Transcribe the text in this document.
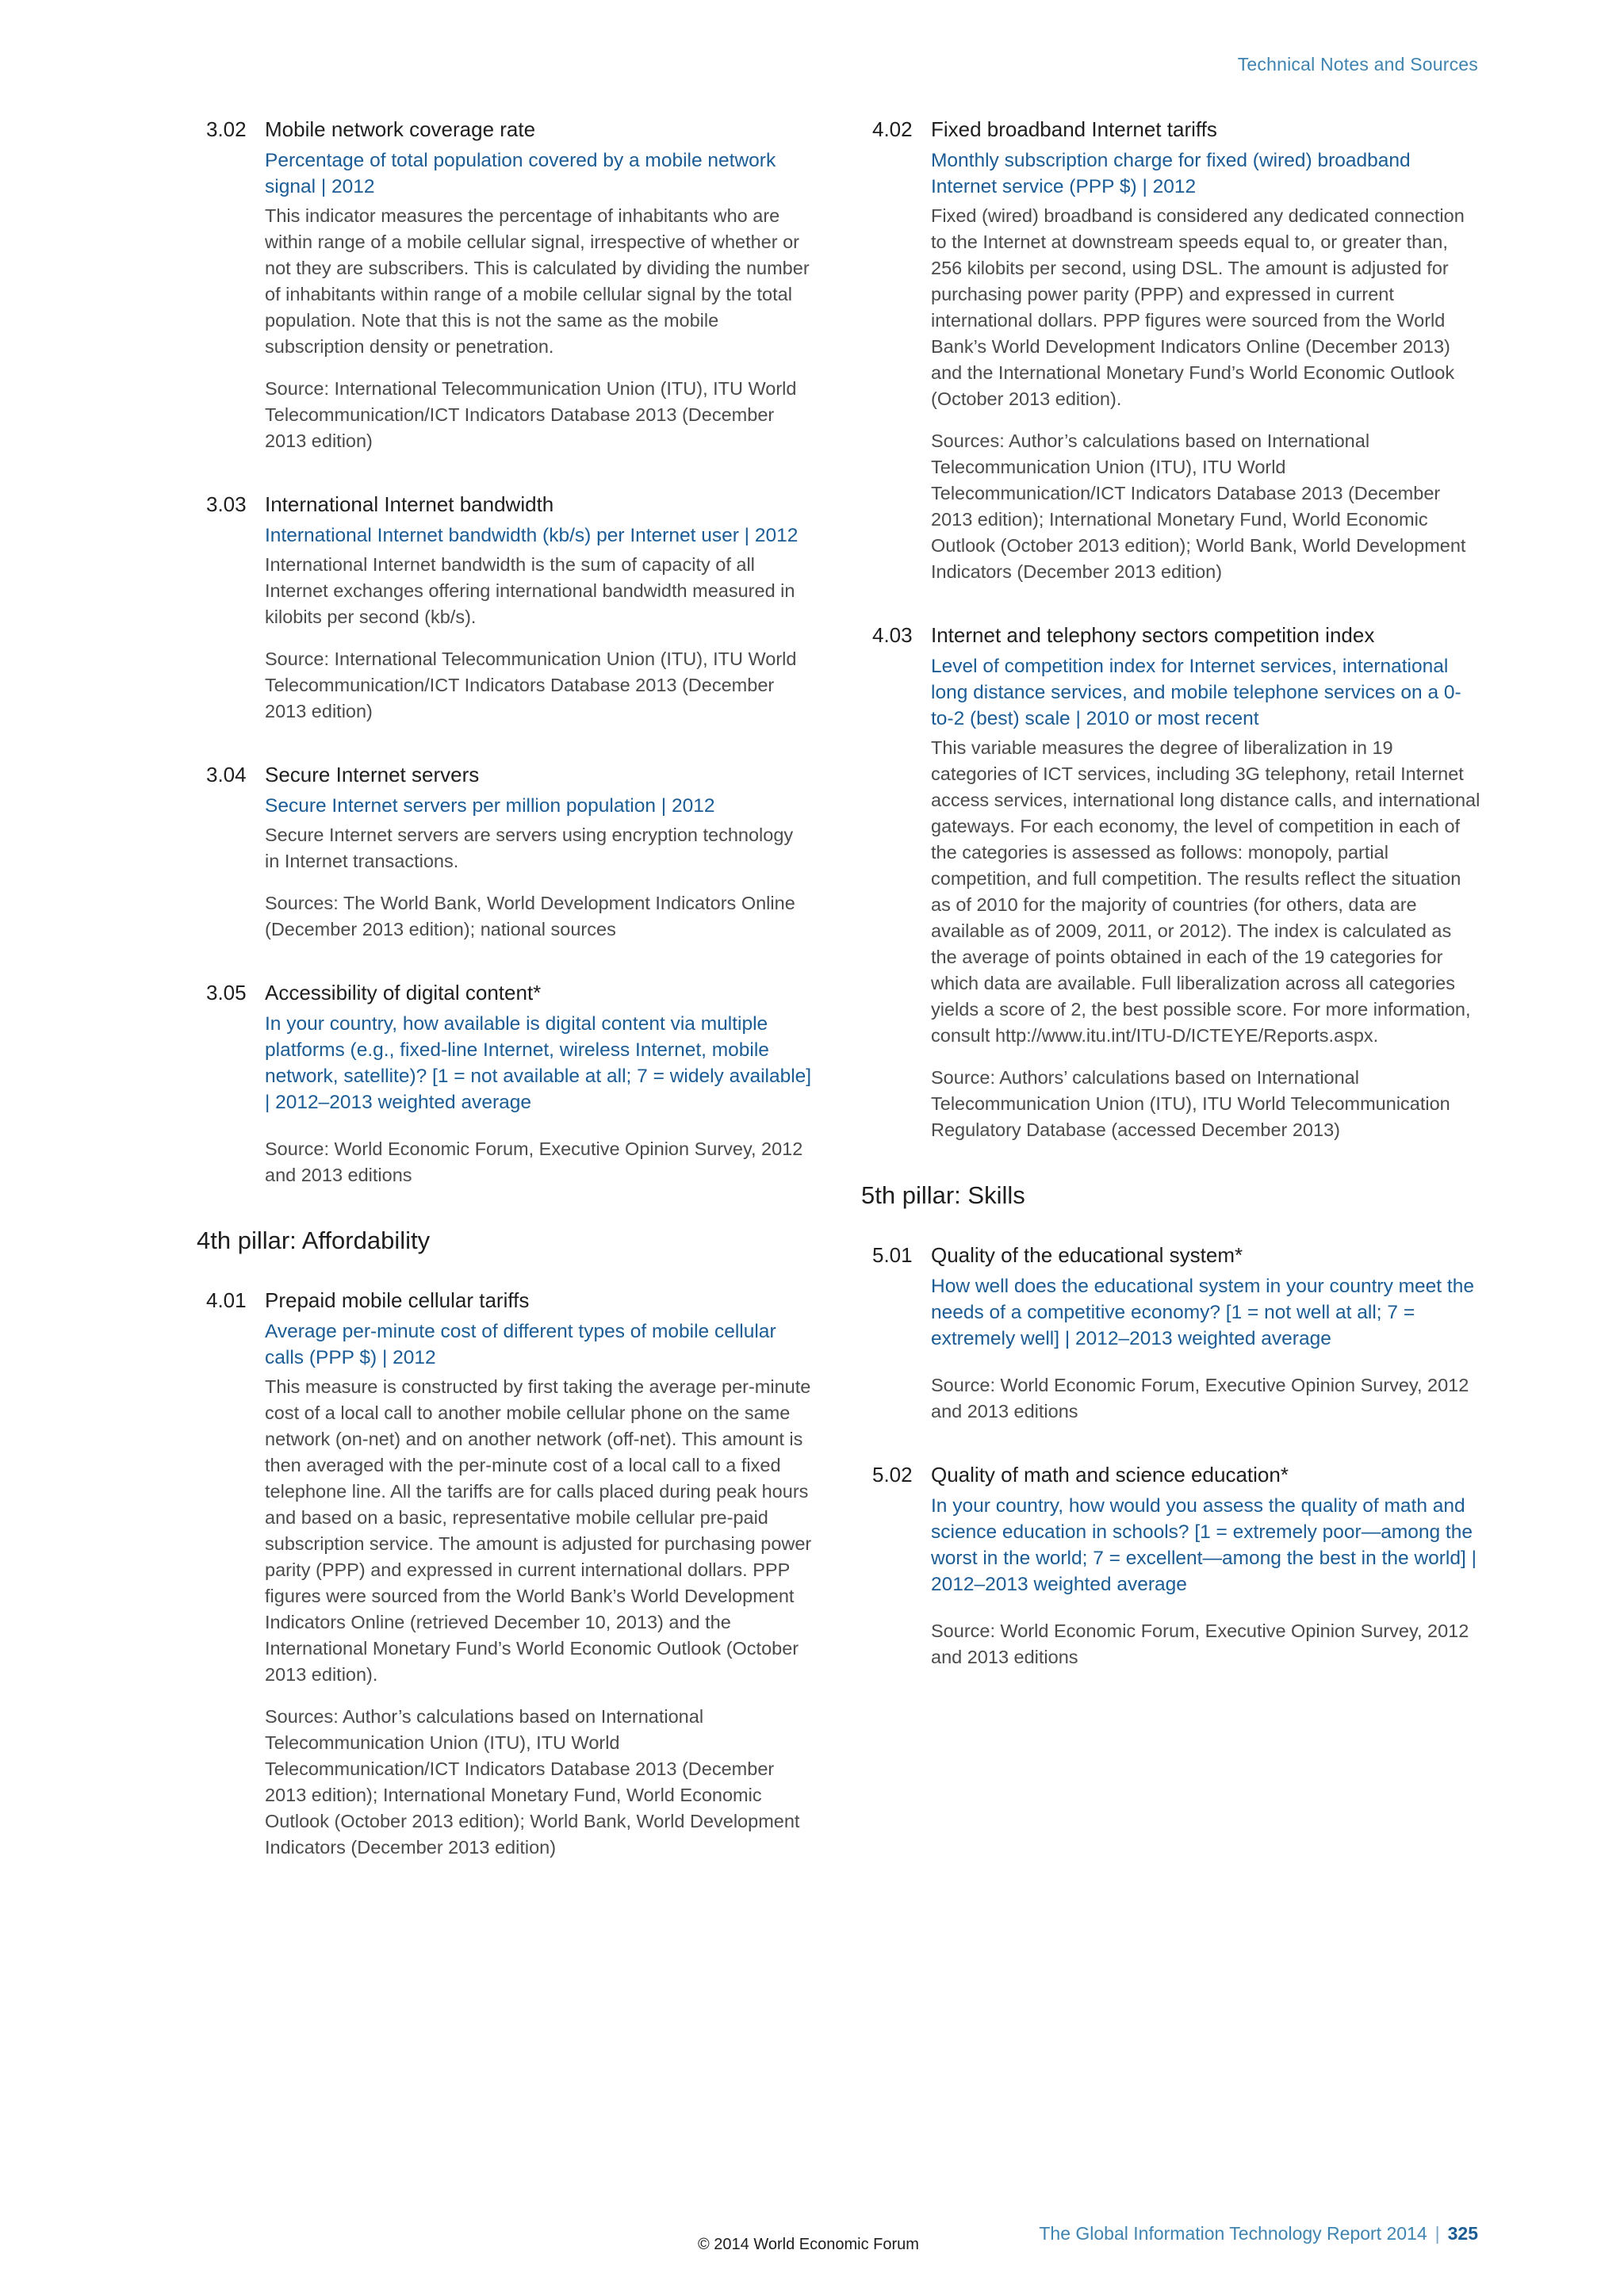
Technical Notes and Sources
3.02 Mobile network coverage rate
Percentage of total population covered by a mobile network signal | 2012
This indicator measures the percentage of inhabitants who are within range of a mobile cellular signal, irrespective of whether or not they are subscribers. This is calculated by dividing the number of inhabitants within range of a mobile cellular signal by the total population. Note that this is not the same as the mobile subscription density or penetration.
Source: International Telecommunication Union (ITU), ITU World Telecommunication/ICT Indicators Database 2013 (December 2013 edition)
3.03 International Internet bandwidth
International Internet bandwidth (kb/s) per Internet user | 2012
International Internet bandwidth is the sum of capacity of all Internet exchanges offering international bandwidth measured in kilobits per second (kb/s).
Source: International Telecommunication Union (ITU), ITU World Telecommunication/ICT Indicators Database 2013 (December 2013 edition)
3.04 Secure Internet servers
Secure Internet servers per million population | 2012
Secure Internet servers are servers using encryption technology in Internet transactions.
Sources: The World Bank, World Development Indicators Online (December 2013 edition); national sources
3.05 Accessibility of digital content*
In your country, how available is digital content via multiple platforms (e.g., fixed-line Internet, wireless Internet, mobile network, satellite)? [1 = not available at all; 7 = widely available] | 2012–2013 weighted average
Source: World Economic Forum, Executive Opinion Survey, 2012 and 2013 editions
4th pillar: Affordability
4.01 Prepaid mobile cellular tariffs
Average per-minute cost of different types of mobile cellular calls (PPP $) | 2012
This measure is constructed by first taking the average per-minute cost of a local call to another mobile cellular phone on the same network (on-net) and on another network (off-net). This amount is then averaged with the per-minute cost of a local call to a fixed telephone line. All the tariffs are for calls placed during peak hours and based on a basic, representative mobile cellular pre-paid subscription service. The amount is adjusted for purchasing power parity (PPP) and expressed in current international dollars. PPP figures were sourced from the World Bank’s World Development Indicators Online (retrieved December 10, 2013) and the International Monetary Fund’s World Economic Outlook (October 2013 edition).
Sources: Author’s calculations based on International Telecommunication Union (ITU), ITU World Telecommunication/ICT Indicators Database 2013 (December 2013 edition); International Monetary Fund, World Economic Outlook (October 2013 edition); World Bank, World Development Indicators (December 2013 edition)
4.02 Fixed broadband Internet tariffs
Monthly subscription charge for fixed (wired) broadband Internet service (PPP $) | 2012
Fixed (wired) broadband is considered any dedicated connection to the Internet at downstream speeds equal to, or greater than, 256 kilobits per second, using DSL. The amount is adjusted for purchasing power parity (PPP) and expressed in current international dollars. PPP figures were sourced from the World Bank’s World Development Indicators Online (December 2013) and the International Monetary Fund’s World Economic Outlook (October 2013 edition).
Sources: Author’s calculations based on International Telecommunication Union (ITU), ITU World Telecommunication/ICT Indicators Database 2013 (December 2013 edition); International Monetary Fund, World Economic Outlook (October 2013 edition); World Bank, World Development Indicators (December 2013 edition)
4.03 Internet and telephony sectors competition index
Level of competition index for Internet services, international long distance services, and mobile telephone services on a 0-to-2 (best) scale | 2010 or most recent
This variable measures the degree of liberalization in 19 categories of ICT services, including 3G telephony, retail Internet access services, international long distance calls, and international gateways. For each economy, the level of competition in each of the categories is assessed as follows: monopoly, partial competition, and full competition. The results reflect the situation as of 2010 for the majority of countries (for others, data are available as of 2009, 2011, or 2012). The index is calculated as the average of points obtained in each of the 19 categories for which data are available. Full liberalization across all categories yields a score of 2, the best possible score. For more information, consult http://www.itu.int/ITU-D/ICTEYE/Reports.aspx.
Source: Authors’ calculations based on International Telecommunication Union (ITU), ITU World Telecommunication Regulatory Database (accessed December 2013)
5th pillar: Skills
5.01 Quality of the educational system*
How well does the educational system in your country meet the needs of a competitive economy? [1 = not well at all; 7 = extremely well] | 2012–2013 weighted average
Source: World Economic Forum, Executive Opinion Survey, 2012 and 2013 editions
5.02 Quality of math and science education*
In your country, how would you assess the quality of math and science education in schools? [1 = extremely poor—among the worst in the world; 7 = excellent—among the best in the world] | 2012–2013 weighted average
Source: World Economic Forum, Executive Opinion Survey, 2012 and 2013 editions
The Global Information Technology Report 2014 | 325
© 2014 World Economic Forum
